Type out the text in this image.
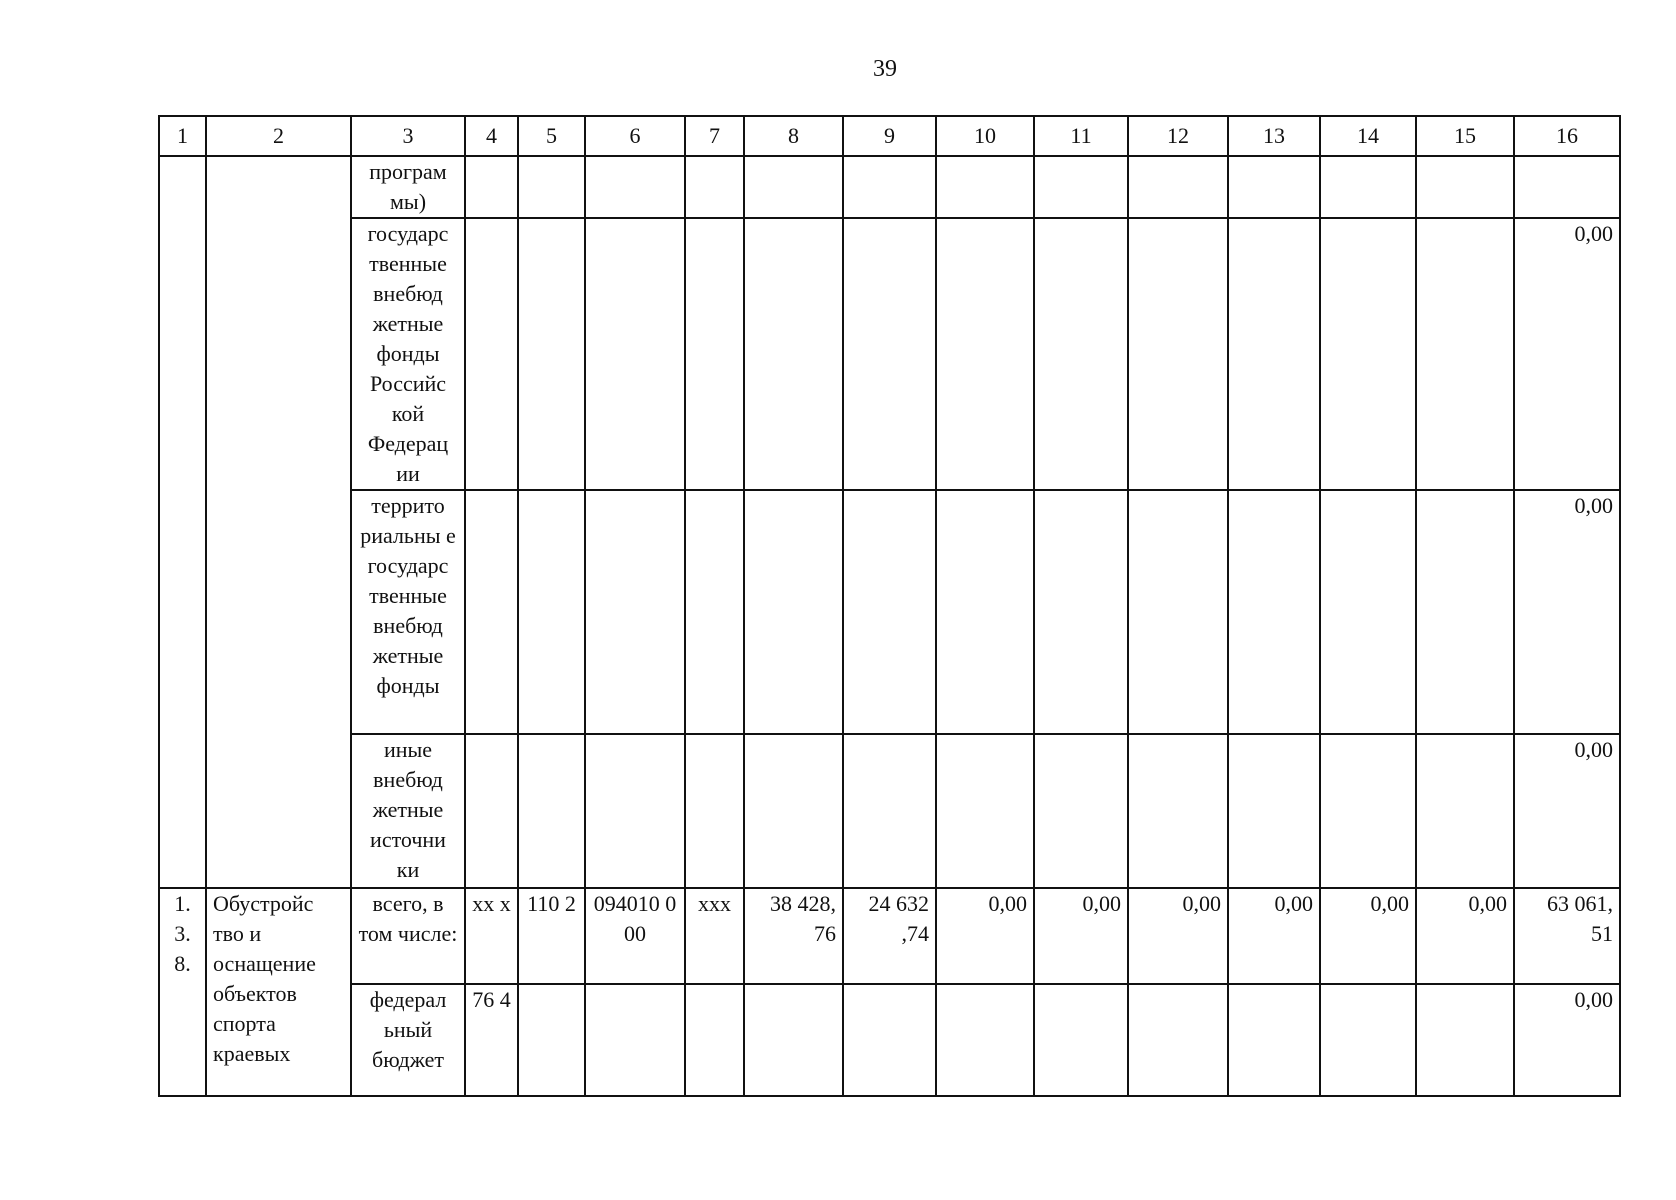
39
1	2	3	4	5	6	7	8	9	10	11	12	13	14	15	16
		програм мы)													
		государс твенные внебюд жетные фонды Российс кой Федерац ии													0,00
		террито риальны е государс твенные внебюд жетные фонды													0,00
		иные внебюд жетные источни ки													0,00
1. 3. 8.	Обустройс тво и оснащение объектов спорта краевых	всего, в том числе:	хх х	110 2	094010 000	ххх	38 428, 76	24 632 ,74	0,00	0,00	0,00	0,00	0,00	0,00	63 061, 51
		федерал ьный бюджет	76 4												0,00
